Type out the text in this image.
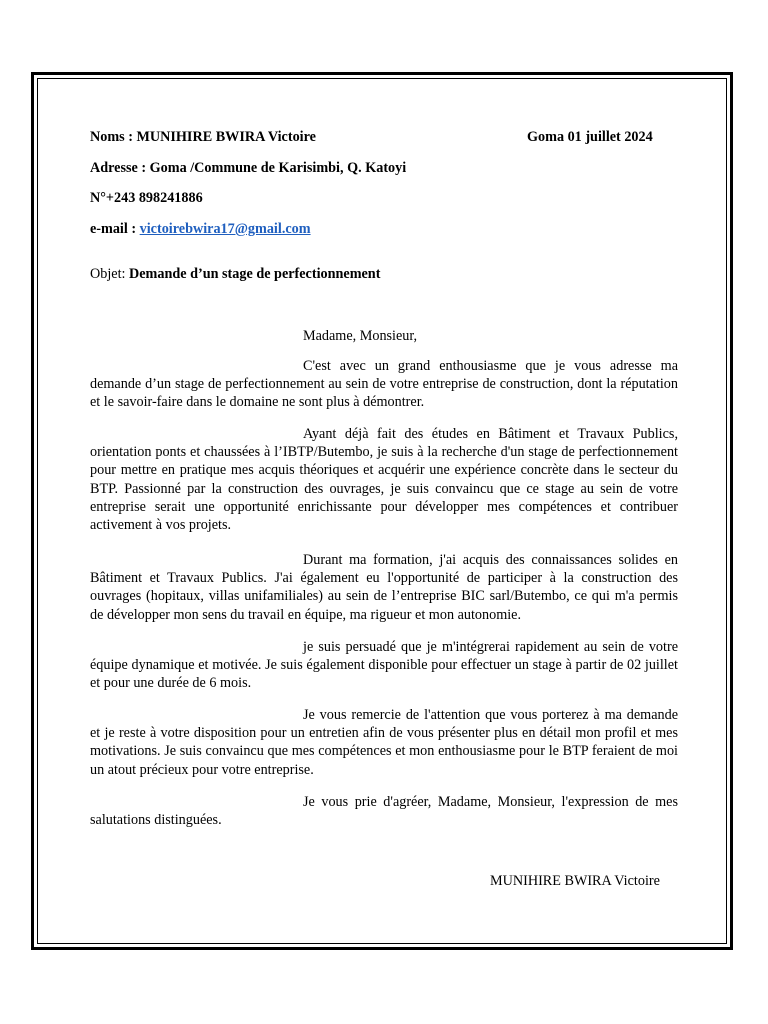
Noms : MUNIHIRE BWIRA Victoire	Goma 01 juillet 2024
Adresse : Goma /Commune de Karisimbi, Q. Katoyi
N°+243 898241886
e-mail : victoirebwira17@gmail.com
Objet: Demande d’un stage de perfectionnement
Madame, Monsieur,

C'est avec un grand enthousiasme que je vous adresse ma demande d’un stage de perfectionnement au sein de votre entreprise de construction, dont la réputation et le savoir-faire dans le domaine ne sont plus à démontrer.

Ayant déjà fait des études en Bâtiment et Travaux Publics, orientation ponts et chaussées à l’IBTP/Butembo, je suis à la recherche d'un stage de perfectionnement pour mettre en pratique mes acquis théoriques et acquérir une expérience concrète dans le secteur du BTP. Passionné par la construction des ouvrages, je suis convaincu que ce stage au sein de votre entreprise serait une opportunité enrichissante pour développer mes compétences et contribuer activement à vos projets.

Durant ma formation, j'ai acquis des connaissances solides en Bâtiment et Travaux Publics. J'ai également eu l'opportunité de participer à la construction des ouvrages (hopitaux, villas unifamiliales) au sein de l’entreprise BIC sarl/Butembo, ce qui m'a permis de développer mon sens du travail en équipe, ma rigueur et mon autonomie.

je suis persuadé que je m'intégrerai rapidement au sein de votre équipe dynamique et motivée. Je suis également disponible pour effectuer un stage à partir de 02 juillet et pour une durée de 6 mois.

Je vous remercie de l'attention que vous porterez à ma demande et je reste à votre disposition pour un entretien afin de vous présenter plus en détail mon profil et mes motivations. Je suis convaincu que mes compétences et mon enthousiasme pour le BTP feraient de moi un atout précieux pour votre entreprise.

Je vous prie d'agréer, Madame, Monsieur, l'expression de mes salutations distinguées.

MUNIHIRE BWIRA Victoire
